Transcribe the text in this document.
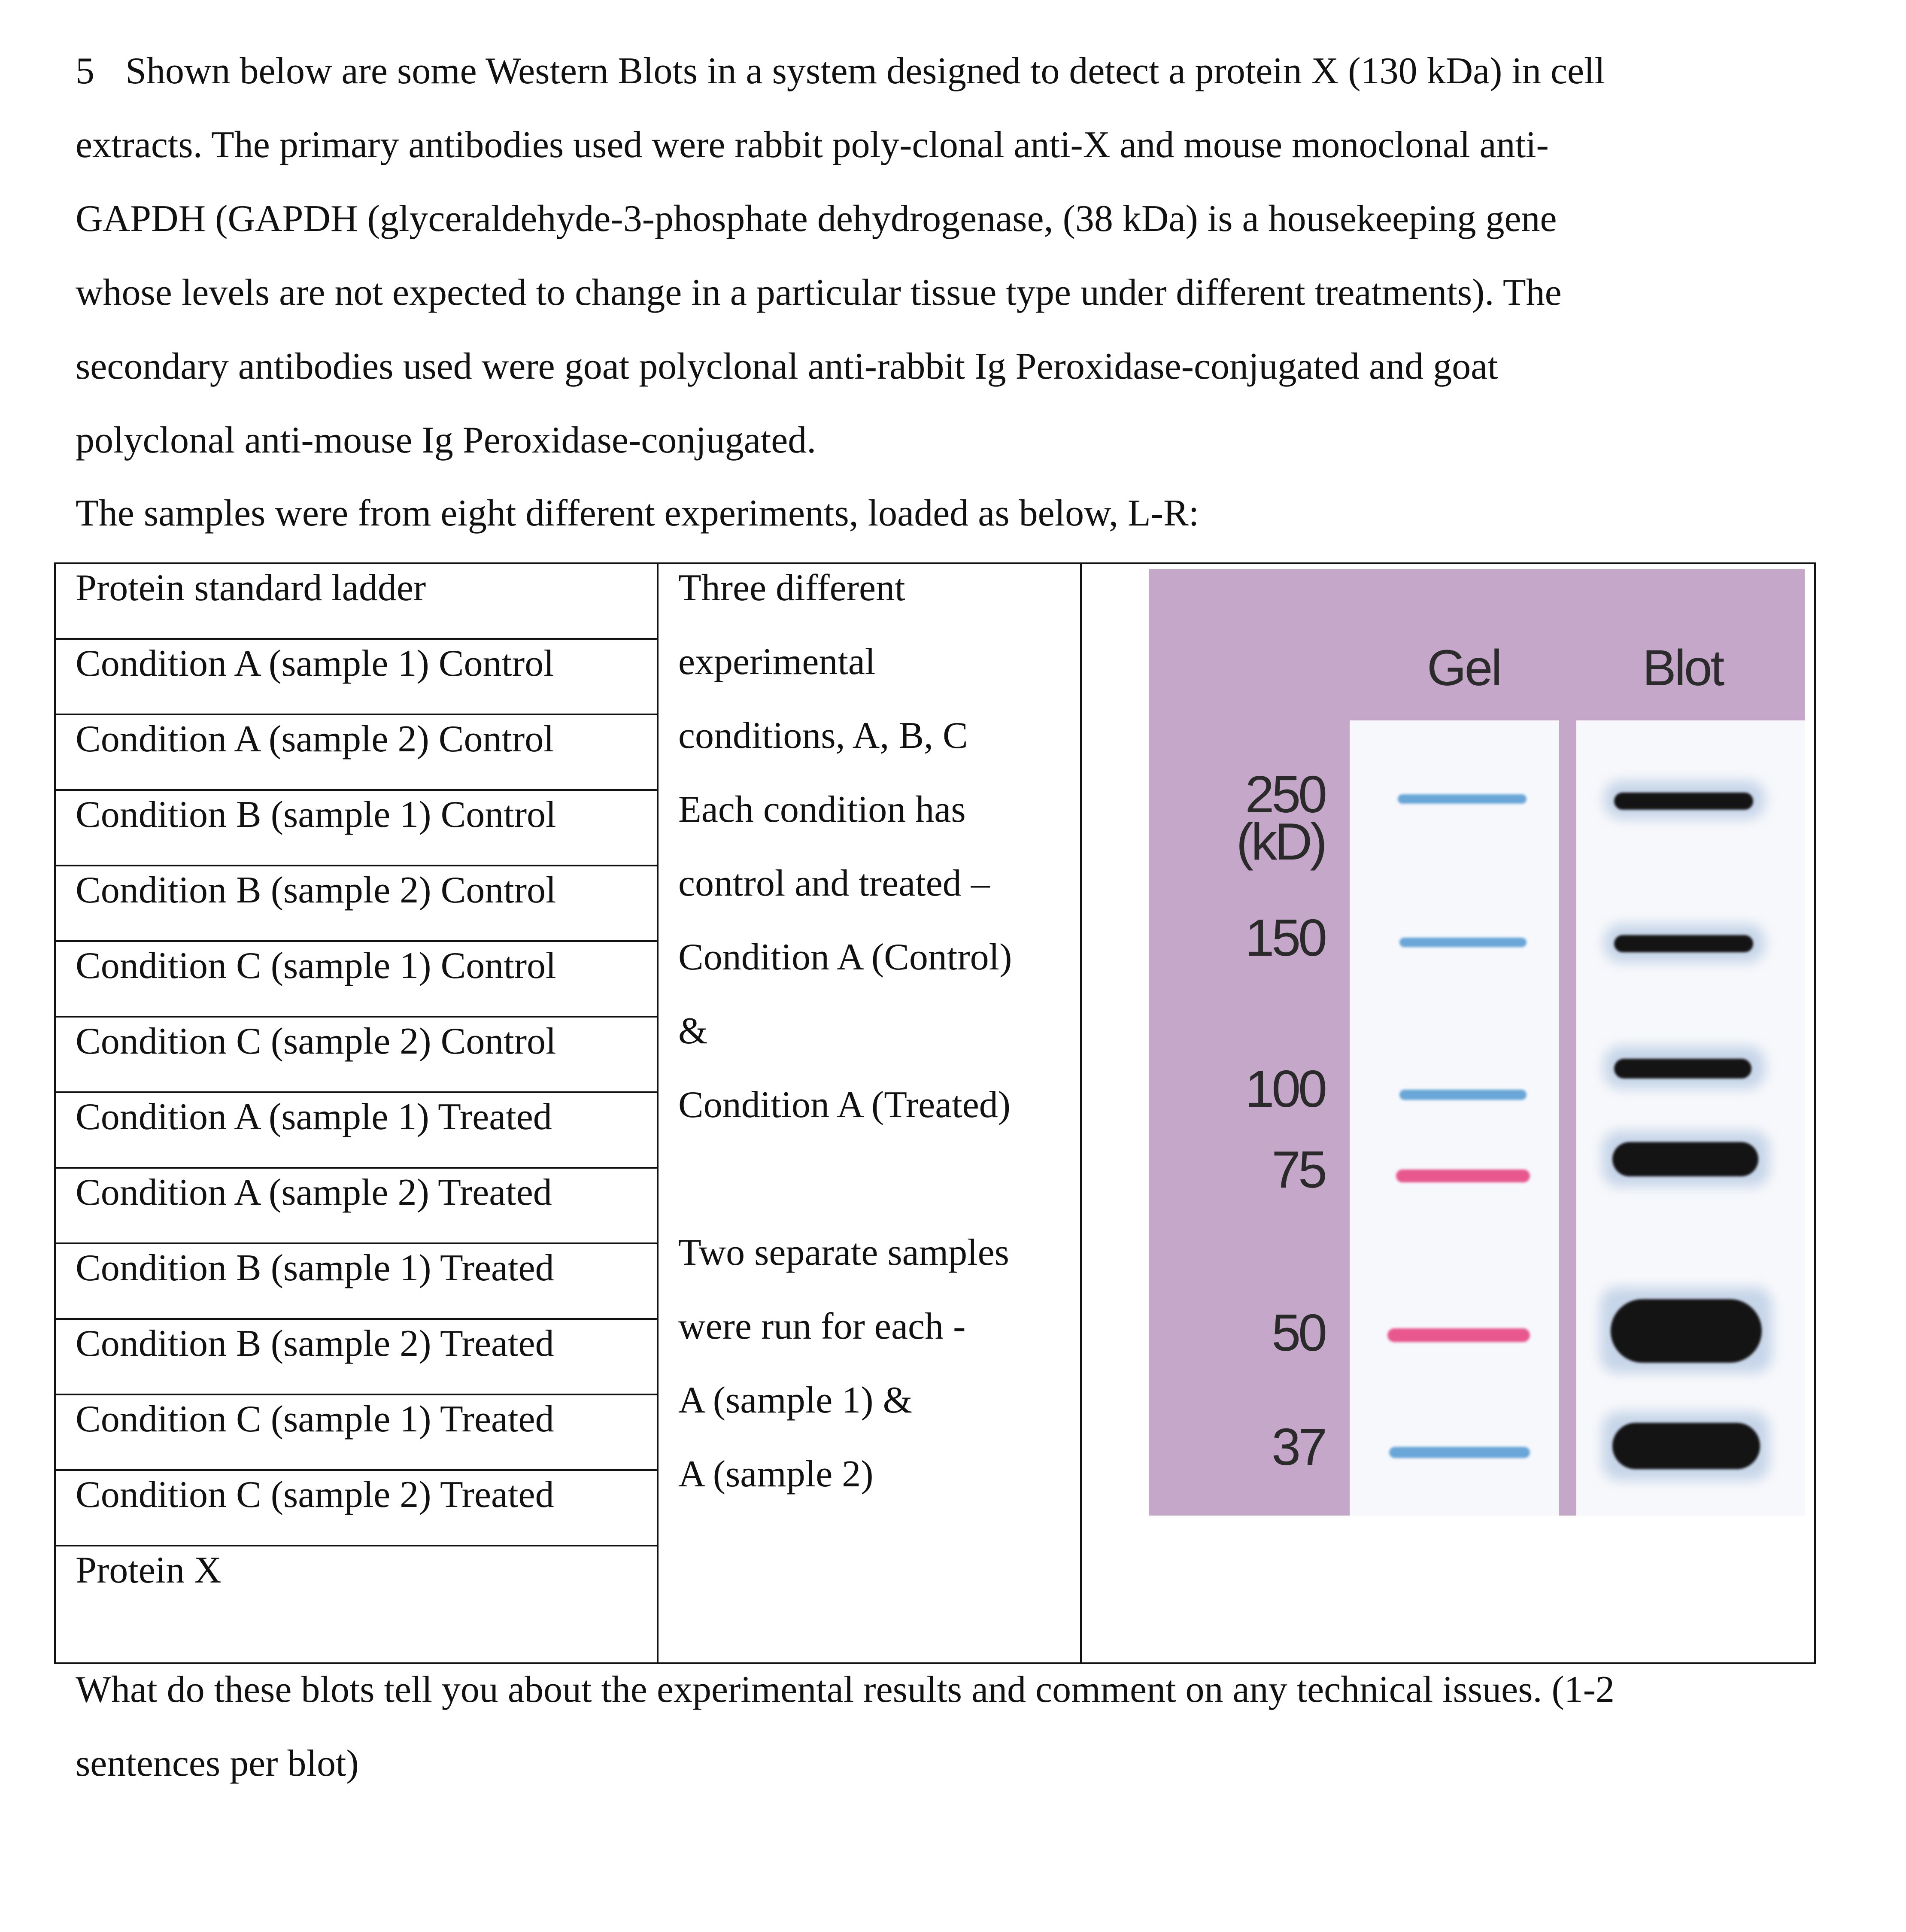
5 Shown below are some Western Blots in a system designed to detect a protein X (130 kDa) in cell
extracts. The primary antibodies used were rabbit poly-clonal anti-X and mouse monoclonal anti-
GAPDH (GAPDH (glyceraldehyde-3-phosphate dehydrogenase, (38 kDa) is a housekeeping gene
whose levels are not expected to change in a particular tissue type under different treatments). The
secondary antibodies used were goat polyclonal anti-rabbit Ig Peroxidase-conjugated and goat
polyclonal anti-mouse Ig Peroxidase-conjugated.
The samples were from eight different experiments, loaded as below, L-R:
Protein standard ladder
Condition A (sample 1) Control
Condition A (sample 2) Control
Condition B (sample 1) Control
Condition B (sample 2) Control
Condition C (sample 1) Control
Condition C (sample 2) Control
Condition A (sample 1) Treated
Condition A (sample 2) Treated
Condition B (sample 1) Treated
Condition B (sample 2) Treated
Condition C (sample 1) Treated
Condition C (sample 2) Treated
Protein X
Three different
experimental
conditions, A, B, C
Each condition has
control and treated –
Condition A (Control)
&
Condition A (Treated)
Two separate samples
were run for each -
A (sample 1) &
A (sample 2)
Gel	Blot
250
(kD)
150
100
75
50
37
What do these blots tell you about the experimental results and comment on any technical issues. (1-2
sentences per blot)
